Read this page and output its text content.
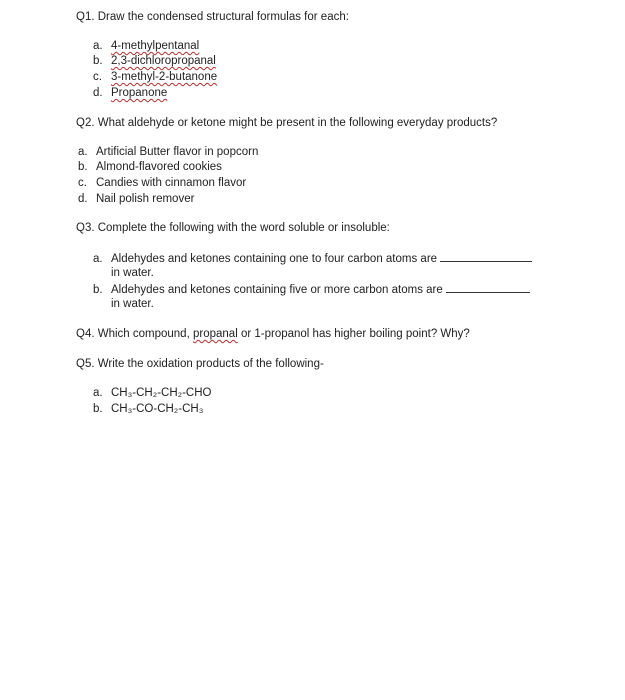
Q1. Draw the condensed structural formulas for each:
a. 4-methylpentanal
b. 2,3-dichloropropanal
c. 3-methyl-2-butanone
d. Propanone
Q2. What aldehyde or ketone might be present in the following everyday products?
a. Artificial Butter flavor in popcorn
b. Almond-flavored cookies
c. Candies with cinnamon flavor
d. Nail polish remover
Q3. Complete the following with the word soluble or insoluble:
a. Aldehydes and ketones containing one to four carbon atoms are
in water.
b. Aldehydes and ketones containing five or more carbon atoms are
in water.
Q4. Which compound, propanal or 1-propanol has higher boiling point? Why?
Q5. Write the oxidation products of the following-
a. CH₃-CH₂-CH₂-CHO
b. CH₃-CO-CH₂-CH₃
